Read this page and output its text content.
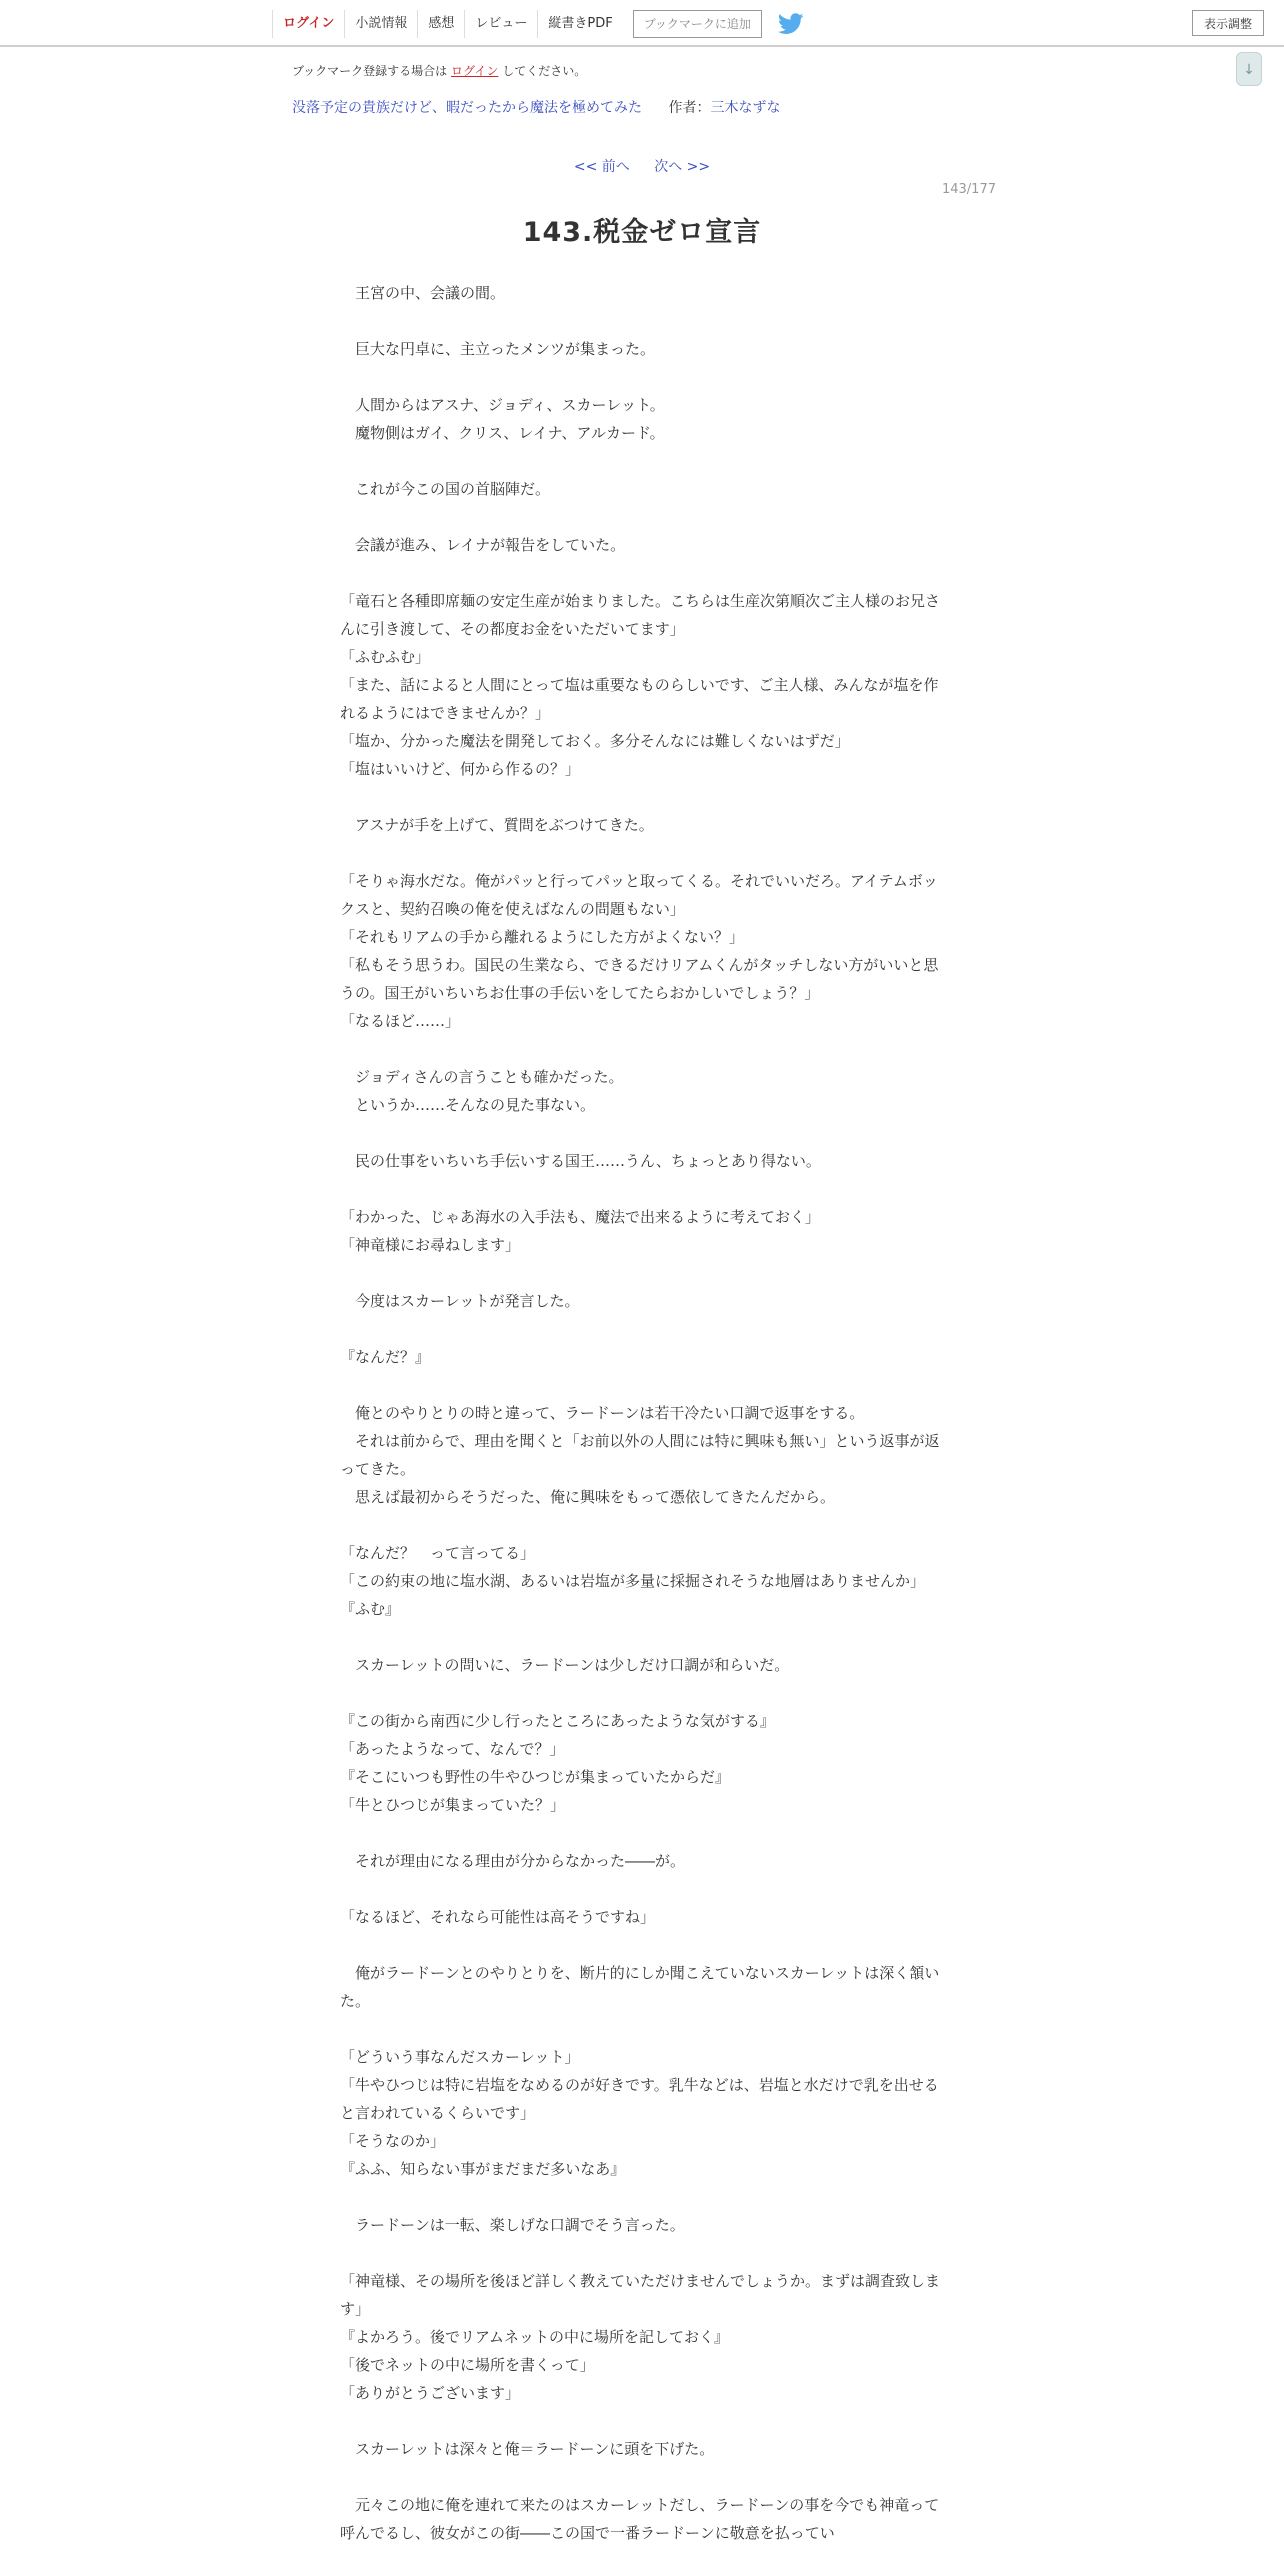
ログイン	小説情報	感想	レビュー	縦書きPDF	ブックマークに追加	表示調整
↓
ブックマーク登録する場合は ログイン してください。
没落予定の貴族だけど、暇だったから魔法を極めてみた 作者：三木なずな
<< 前へ 次へ >>
143/177
143.税金ゼロ宣言

　王宮の中、会議の間。

　巨大な円卓に、主立ったメンツが集まった。

　人間からはアスナ、ジョディ、スカーレット。

　魔物側はガイ、クリス、レイナ、アルカード。

　これが今この国の首脳陣だ。

　会議が進み、レイナが報告をしていた。

「竜石と各種即席麺の安定生産が始まりました。こちらは生産次第順次ご主人様のお兄さんに引き渡して、その都度お金をいただいてます」

「ふむふむ」

「また、話によると人間にとって塩は重要なものらしいです、ご主人様、みんなが塩を作れるようにはできませんか？」

「塩か、分かった魔法を開発しておく。多分そんなには難しくないはずだ」

「塩はいいけど、何から作るの？」

　アスナが手を上げて、質問をぶつけてきた。

「そりゃ海水だな。俺がパッと行ってパッと取ってくる。それでいいだろ。アイテムボックスと、契約召喚の俺を使えばなんの問題もない」

「それもリアムの手から離れるようにした方がよくない？」

「私もそう思うわ。国民の生業なら、できるだけリアムくんがタッチしない方がいいと思うの。国王がいちいちお仕事の手伝いをしてたらおかしいでしょう？」

「なるほど……」

　ジョディさんの言うことも確かだった。

　というか……そんなの見た事ない。

　民の仕事をいちいち手伝いする国王……うん、ちょっとあり得ない。

「わかった、じゃあ海水の入手法も、魔法で出来るように考えておく」

「神竜様にお尋ねします」

　今度はスカーレットが発言した。

『なんだ？』

　俺とのやりとりの時と違って、ラードーンは若干冷たい口調で返事をする。

　それは前からで、理由を聞くと「お前以外の人間には特に興味も無い」という返事が返ってきた。

　思えば最初からそうだった、俺に興味をもって憑依してきたんだから。

「なんだ？　って言ってる」

「この約束の地に塩水湖、あるいは岩塩が多量に採掘されそうな地層はありませんか」

『ふむ』

　スカーレットの問いに、ラードーンは少しだけ口調が和らいだ。

『この街から南西に少し行ったところにあったような気がする』

「あったようなって、なんで？」

『そこにいつも野性の牛やひつじが集まっていたからだ』

「牛とひつじが集まっていた？」

　それが理由になる理由が分からなかった――が。

「なるほど、それなら可能性は高そうですね」

　俺がラードーンとのやりとりを、断片的にしか聞こえていないスカーレットは深く頷いた。

「どういう事なんだスカーレット」

「牛やひつじは特に岩塩をなめるのが好きです。乳牛などは、岩塩と水だけで乳を出せると言われているくらいです」

「そうなのか」

『ふふ、知らない事がまだまだ多いなあ』

　ラードーンは一転、楽しげな口調でそう言った。

「神竜様、その場所を後ほど詳しく教えていただけませんでしょうか。まずは調査致します」

『よかろう。後でリアムネットの中に場所を記しておく』

「後でネットの中に場所を書くって」

「ありがとうございます」

　スカーレットは深々と俺＝ラードーンに頭を下げた。

　元々この地に俺を連れて来たのはスカーレットだし、ラードーンの事を今でも神竜って呼んでるし、彼女がこの街――この国で一番ラードーンに敬意を払ってい
